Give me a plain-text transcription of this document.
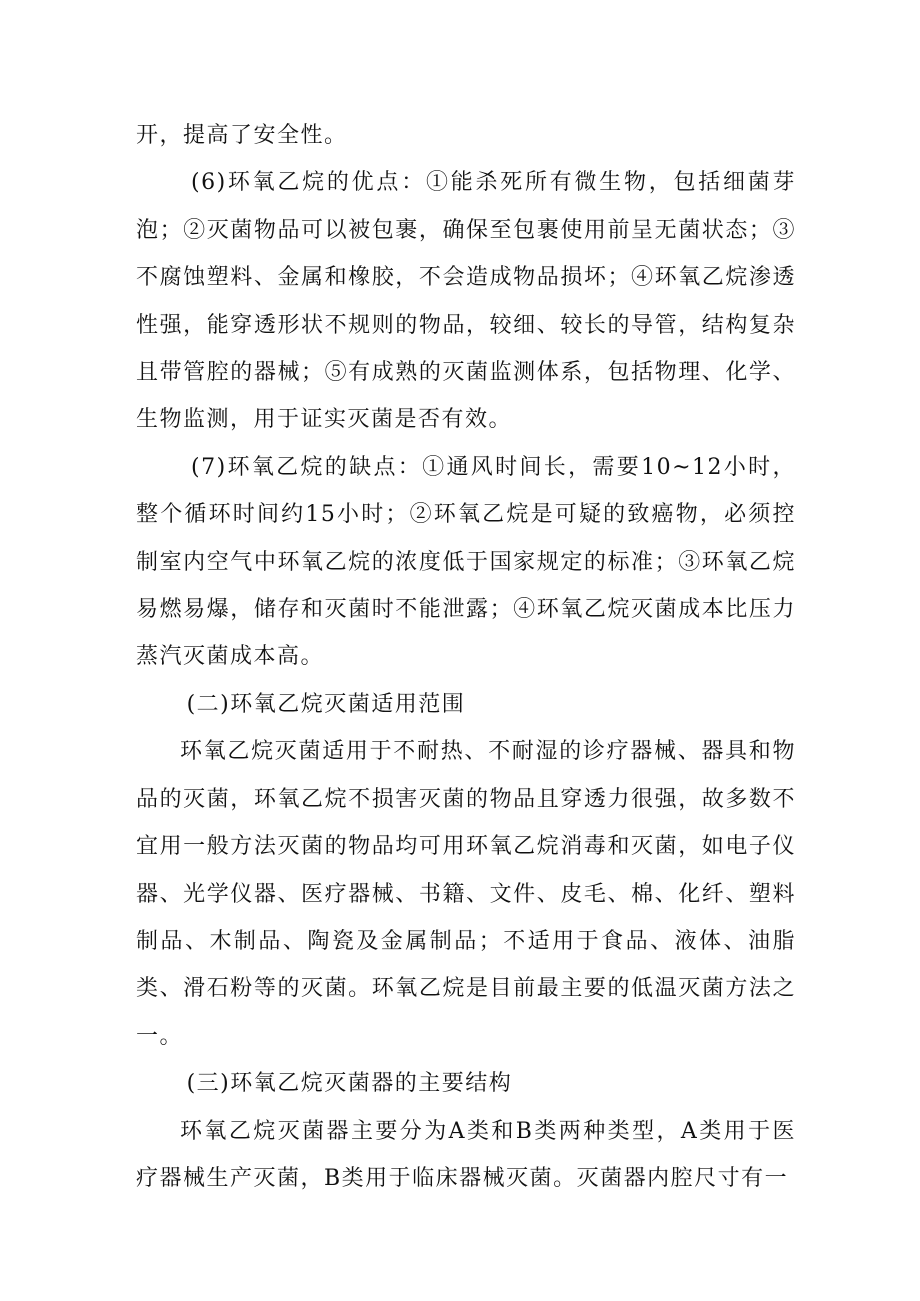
开，提高了安全性。

(6)环氧乙烷的优点：①能杀死所有微生物，包括细菌芽泡；②灭菌物品可以被包裹，确保至包裹使用前呈无菌状态；③不腐蚀塑料、金属和橡胶，不会造成物品损坏；④环氧乙烷渗透性强，能穿透形状不规则的物品，较细、较长的导管，结构复杂且带管腔的器械；⑤有成熟的灭菌监测体系，包括物理、化学、生物监测，用于证实灭菌是否有效。

(7)环氧乙烷的缺点：①通风时间长，需要10~12小时，整个循环时间约15小时；②环氧乙烷是可疑的致癌物，必须控制室内空气中环氧乙烷的浓度低于国家规定的标准；③环氧乙烷易燃易爆，储存和灭菌时不能泄露；④环氧乙烷灭菌成本比压力蒸汽灭菌成本高。

(二)环氧乙烷灭菌适用范围

环氧乙烷灭菌适用于不耐热、不耐湿的诊疗器械、器具和物品的灭菌，环氧乙烷不损害灭菌的物品且穿透力很强，故多数不宜用一般方法灭菌的物品均可用环氧乙烷消毒和灭菌，如电子仪器、光学仪器、医疗器械、书籍、文件、皮毛、棉、化纤、塑料制品、木制品、陶瓷及金属制品；不适用于食品、液体、油脂类、滑石粉等的灭菌。环氧乙烷是目前最主要的低温灭菌方法之一。

(三)环氧乙烷灭菌器的主要结构

环氧乙烷灭菌器主要分为A类和B类两种类型，A类用于医疗器械生产灭菌，B类用于临床器械灭菌。灭菌器内腔尺寸有一
